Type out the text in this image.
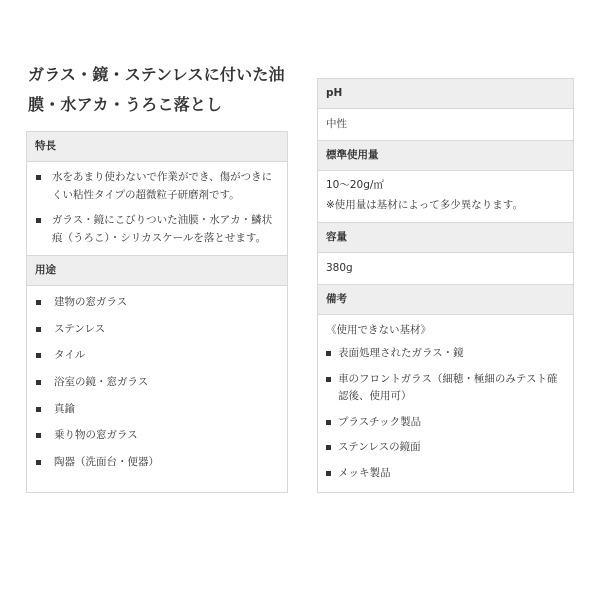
ガラス・鏡・ステンレスに付いた油
膜・水アカ・うろこ落とし
特長
水をあまり使わないで作業ができ、傷がつきにくい粘性タイプの超微粒子研磨剤です。
ガラス・鏡にこびりついた油膜・水アカ・鱗状痕（うろこ）・シリカスケールを落とせます。
用途
建物の窓ガラス
ステンレス
タイル
浴室の鏡・窓ガラス
真鍮
乗り物の窓ガラス
陶器（洗面台・便器）
pH
中性
標準使用量
10～20g/㎡
※使用量は基材によって多少異なります。
容量
380g
備考
《使用できない基材》
表面処理されたガラス・鏡
車のフロントガラス（細穂・極細のみテスト確認後、使用可）
プラスチック製品
ステンレスの鏡面
メッキ製品
